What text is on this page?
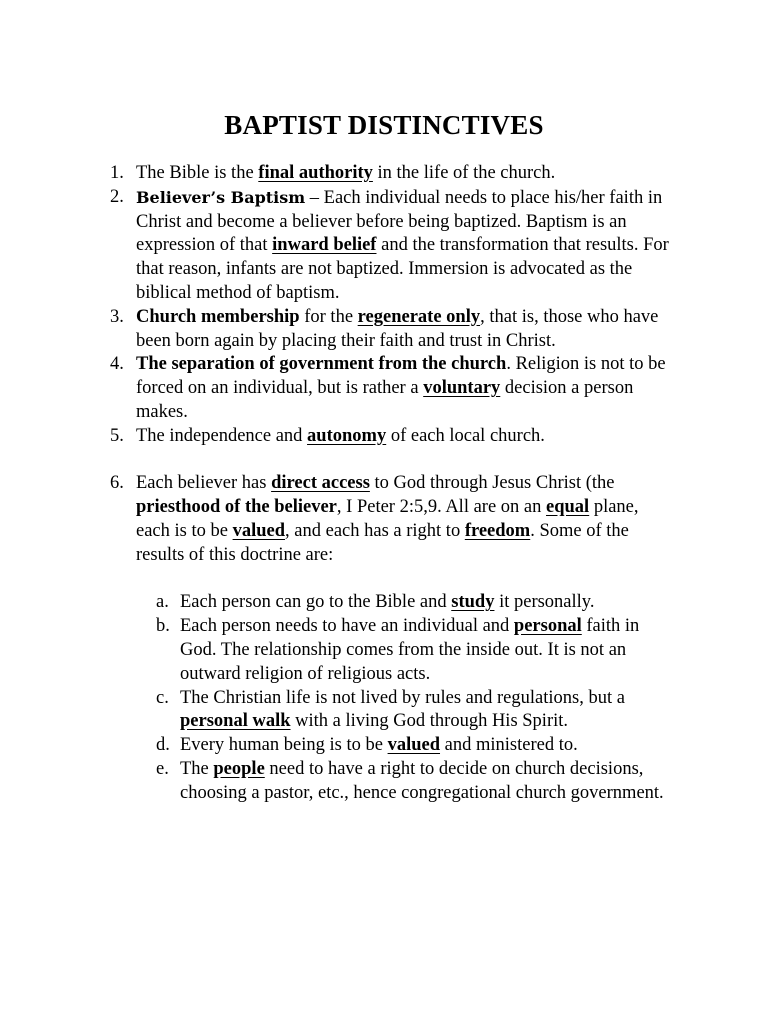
BAPTIST DISTINCTIVES
1. The Bible is the final authority in the life of the church.
2. Believer’s Baptism – Each individual needs to place his/her faith in Christ and become a believer before being baptized. Baptism is an expression of that inward belief and the transformation that results. For that reason, infants are not baptized. Immersion is advocated as the biblical method of baptism.
3. Church membership for the regenerate only, that is, those who have been born again by placing their faith and trust in Christ.
4. The separation of government from the church. Religion is not to be forced on an individual, but is rather a voluntary decision a person makes.
5. The independence and autonomy of each local church.
6. Each believer has direct access to God through Jesus Christ (the priesthood of the believer, I Peter 2:5,9. All are on an equal plane, each is to be valued, and each has a right to freedom. Some of the results of this doctrine are:
a. Each person can go to the Bible and study it personally.
b. Each person needs to have an individual and personal faith in God. The relationship comes from the inside out. It is not an outward religion of religious acts.
c. The Christian life is not lived by rules and regulations, but a personal walk with a living God through His Spirit.
d. Every human being is to be valued and ministered to.
e. The people need to have a right to decide on church decisions, choosing a pastor, etc., hence congregational church government.
